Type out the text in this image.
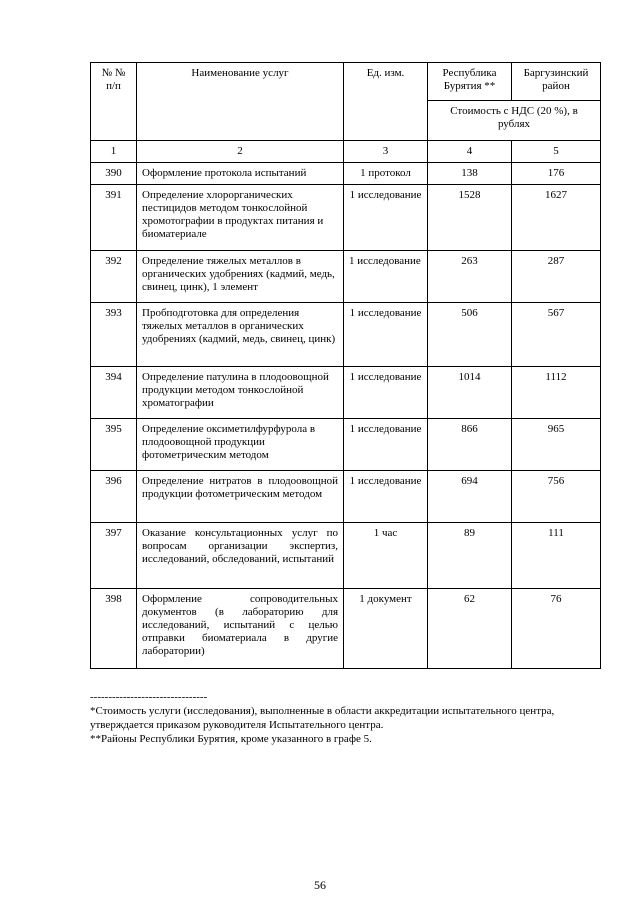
№ № п/п	Наименование услуг	Ед. изм.	Республика Бурятия **	Баргузинский район
			Стоимость с НДС (20 %), в рублях	
1	2	3	4	5
390	Оформление протокола испытаний	1 протокол	138	176
391	Определение хлорорганических пестицидов методом тонкослойной хромотографии в продуктах питания и биоматериале	1 исследование	1528	1627
392	Определение тяжелых металлов в органических удобрениях (кадмий, медь, свинец, цинк), 1 элемент	1 исследование	263	287
393	Пробподготовка для определения тяжелых металлов в органических удобрениях (кадмий, медь, свинец, цинк)	1 исследование	506	567
394	Определение патулина в плодоовощной продукции методом тонкослойной хроматографии	1 исследование	1014	1112
395	Определение оксиметилфурфурола в плодоовощной продукции фотометрическим методом	1 исследование	866	965
396	Определение нитратов в плодоовощной продукции фотометрическим методом	1 исследование	694	756
397	Оказание консультационных услуг по вопросам организации экспертиз, исследований, обследований, испытаний	1 час	89	111
398	Оформление сопроводительных документов (в лабораторию для исследований, испытаний с целью отправки биоматериала в другие лаборатории)	1 документ	62	76
--------------------------------

*Стоимость услуги (исследования), выполненные в области аккредитации испытательного центра, утверждается приказом руководителя Испытательного центра.

**Районы Республики Бурятия, кроме указанного в графе 5.

56
